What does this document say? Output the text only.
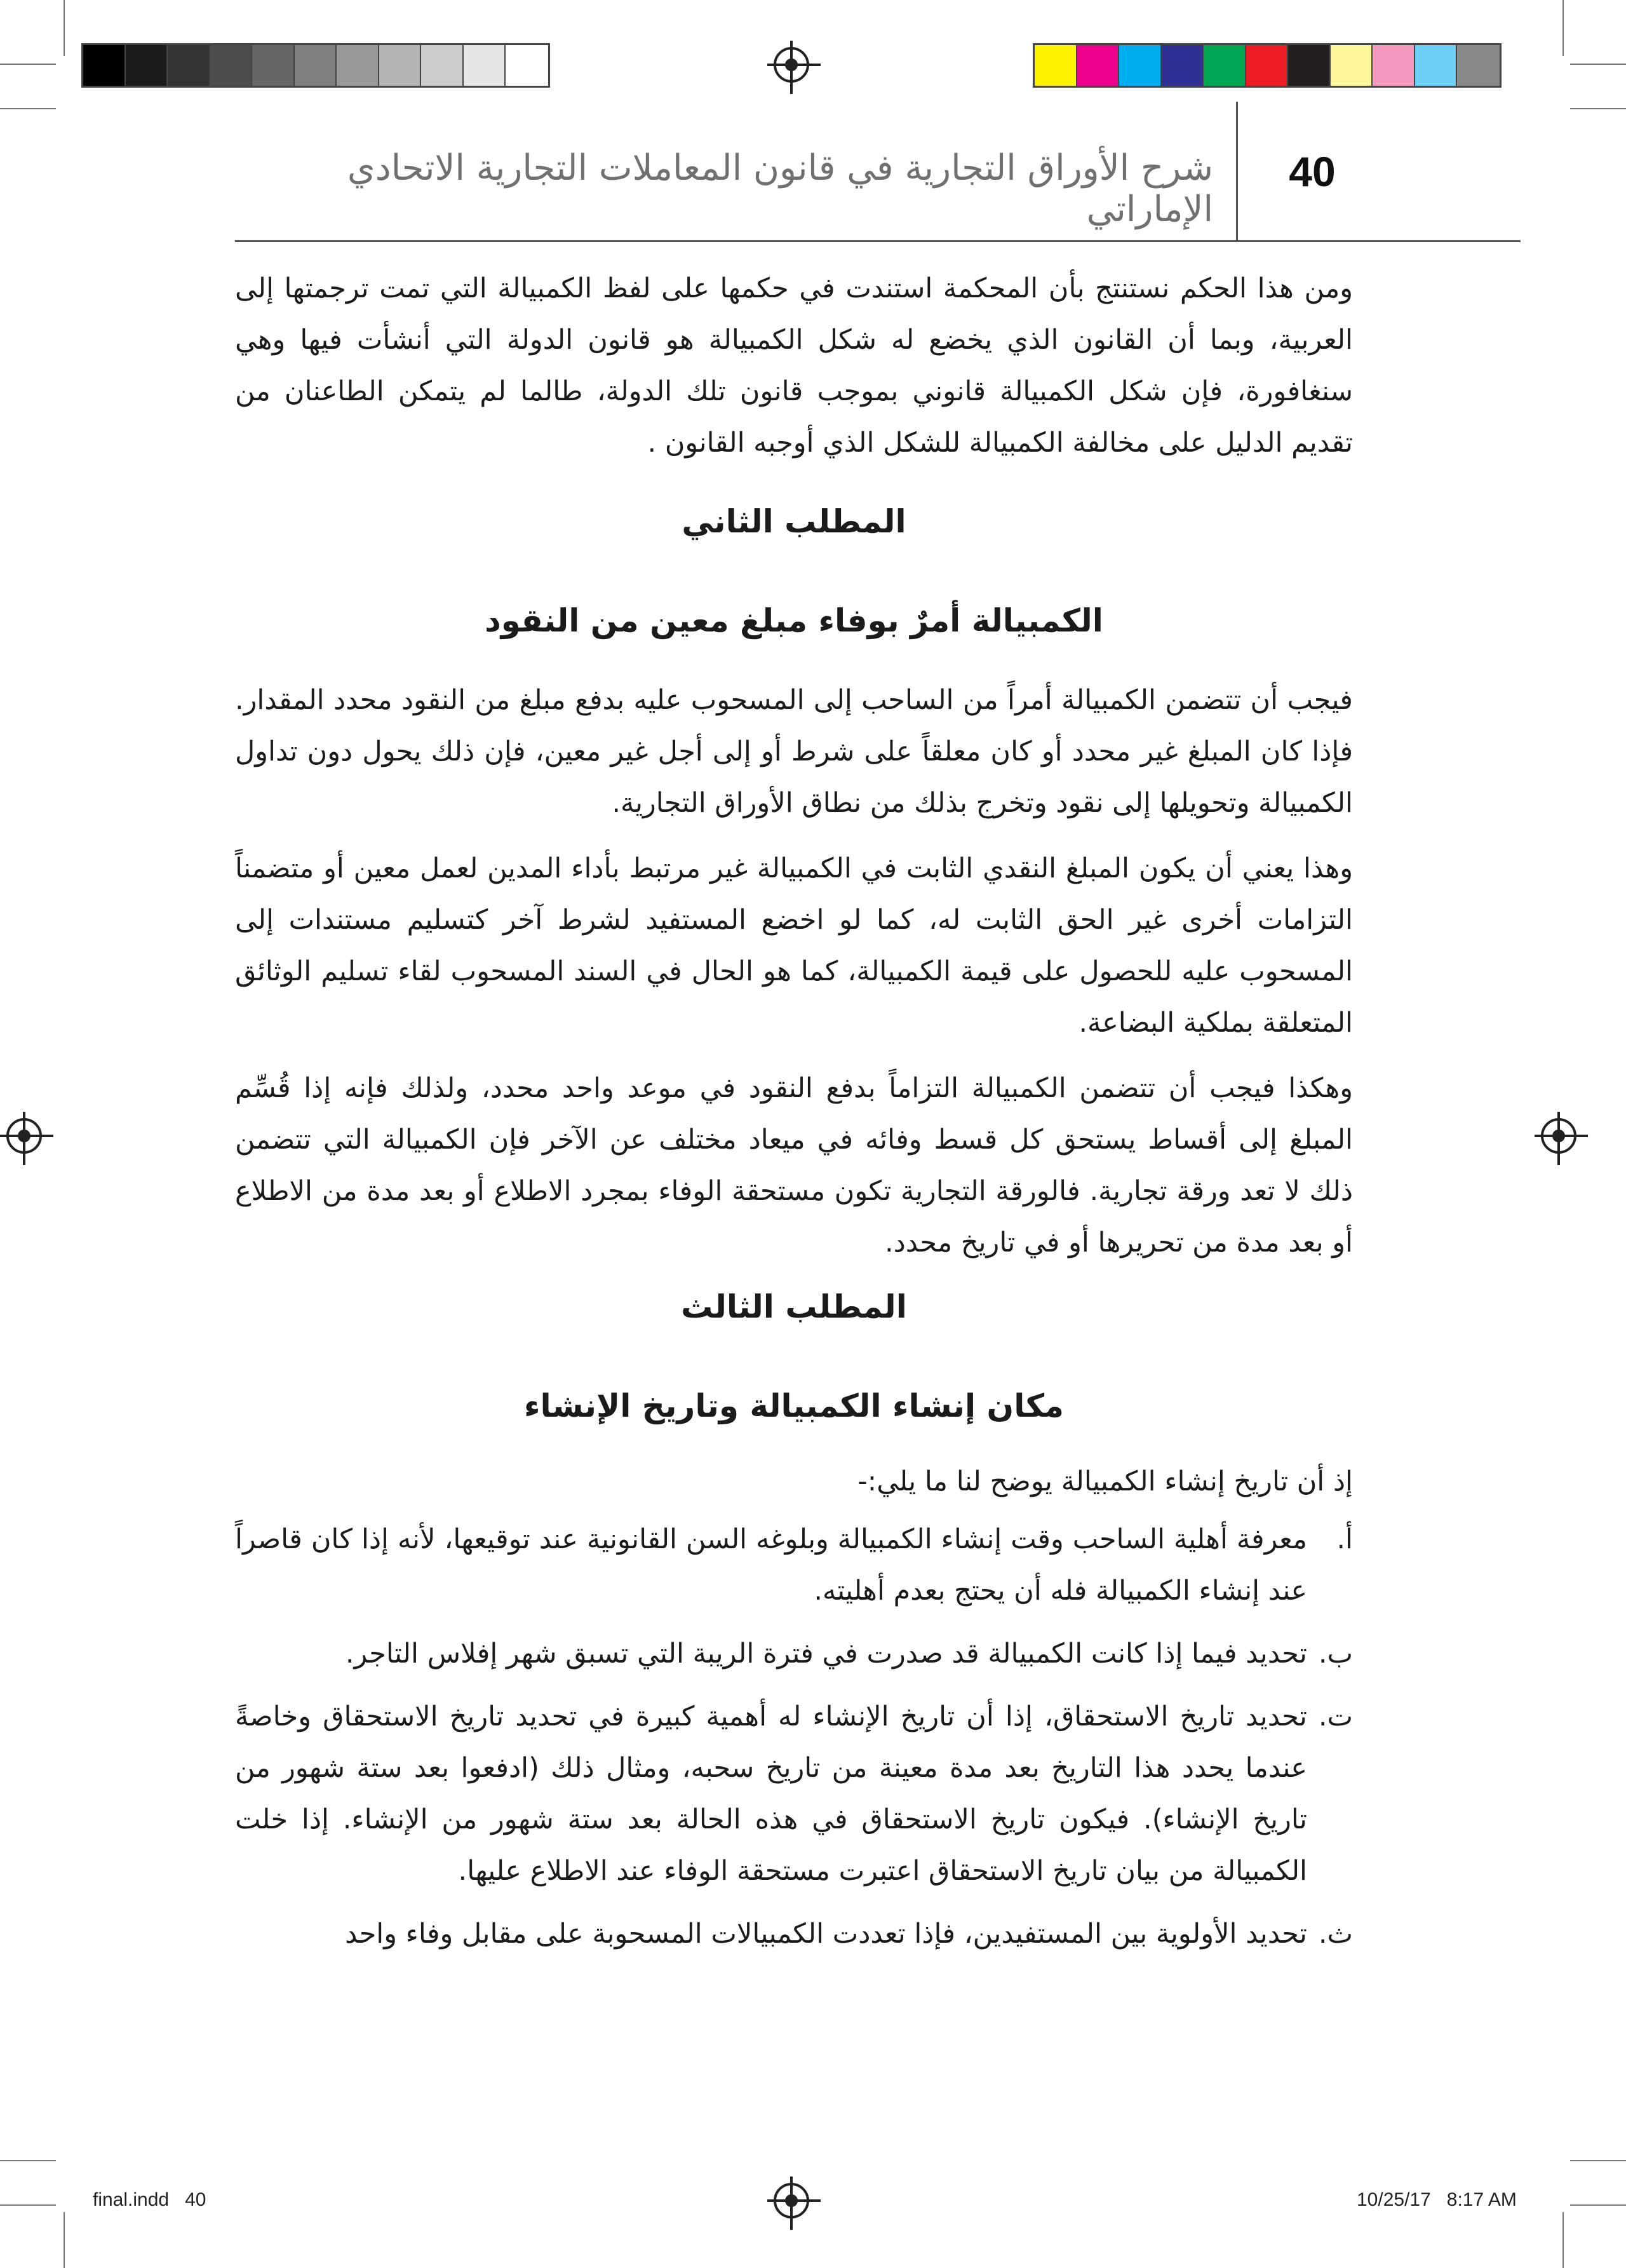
شرح الأوراق التجارية في قانون المعاملات التجارية الاتحادي الإماراتي
40

ومن هذا الحكم نستنتج بأن المحكمة استندت في حكمها على لفظ الكمبيالة التي تمت ترجمتها إلى العربية، وبما أن القانون الذي يخضع له شكل الكمبيالة هو قانون الدولة التي أنشأت فيها وهي سنغافورة، فإن شكل الكمبيالة قانوني بموجب قانون تلك الدولة، طالما لم يتمكن الطاعنان من تقديم الدليل على مخالفة الكمبيالة للشكل الذي أوجبه القانون .

المطلب الثاني

الكمبيالة أمرٌ بوفاء مبلغ معين من النقود

فيجب أن تتضمن الكمبيالة أمراً من الساحب إلى المسحوب عليه بدفع مبلغ من النقود محدد المقدار. فإذا كان المبلغ غير محدد أو كان معلقاً على شرط أو إلى أجل غير معين، فإن ذلك يحول دون تداول الكمبيالة وتحويلها إلى نقود وتخرج بذلك من نطاق الأوراق التجارية.

وهذا يعني أن يكون المبلغ النقدي الثابت في الكمبيالة غير مرتبط بأداء المدين لعمل معين أو متضمناً التزامات أخرى غير الحق الثابت له، كما لو اخضع المستفيد لشرط آخر كتسليم مستندات إلى المسحوب عليه للحصول على قيمة الكمبيالة، كما هو الحال في السند المسحوب لقاء تسليم الوثائق المتعلقة بملكية البضاعة.

وهكذا فيجب أن تتضمن الكمبيالة التزاماً بدفع النقود في موعد واحد محدد، ولذلك فإنه إذا قُسِّم المبلغ إلى أقساط يستحق كل قسط وفائه في ميعاد مختلف عن الآخر فإن الكمبيالة التي تتضمن ذلك لا تعد ورقة تجارية. فالورقة التجارية تكون مستحقة الوفاء بمجرد الاطلاع أو بعد مدة من الاطلاع أو بعد مدة من تحريرها أو في تاريخ محدد.

المطلب الثالث

مكان إنشاء الكمبيالة وتاريخ الإنشاء

إذ أن تاريخ إنشاء الكمبيالة يوضح لنا ما يلي:-

أ.
معرفة أهلية الساحب وقت إنشاء الكمبيالة وبلوغه السن القانونية عند توقيعها، لأنه إذا كان قاصراً عند إنشاء الكمبيالة فله أن يحتج بعدم أهليته.
ب.
تحديد فيما إذا كانت الكمبيالة قد صدرت في فترة الريبة التي تسبق شهر إفلاس التاجر.
ت.
تحديد تاريخ الاستحقاق، إذا أن تاريخ الإنشاء له أهمية كبيرة في تحديد تاريخ الاستحقاق وخاصةً عندما يحدد هذا التاريخ بعد مدة معينة من تاريخ سحبه، ومثال ذلك (ادفعوا بعد ستة شهور من تاريخ الإنشاء). فيكون تاريخ الاستحقاق في هذه الحالة بعد ستة شهور من الإنشاء. إذا خلت الكمبيالة من بيان تاريخ الاستحقاق اعتبرت مستحقة الوفاء عند الاطلاع عليها.
ث.
تحديد الأولوية بين المستفيدين، فإذا تعددت الكمبيالات المسحوبة على مقابل وفاء واحد
final.indd   40	10/25/17   8:17 AM
